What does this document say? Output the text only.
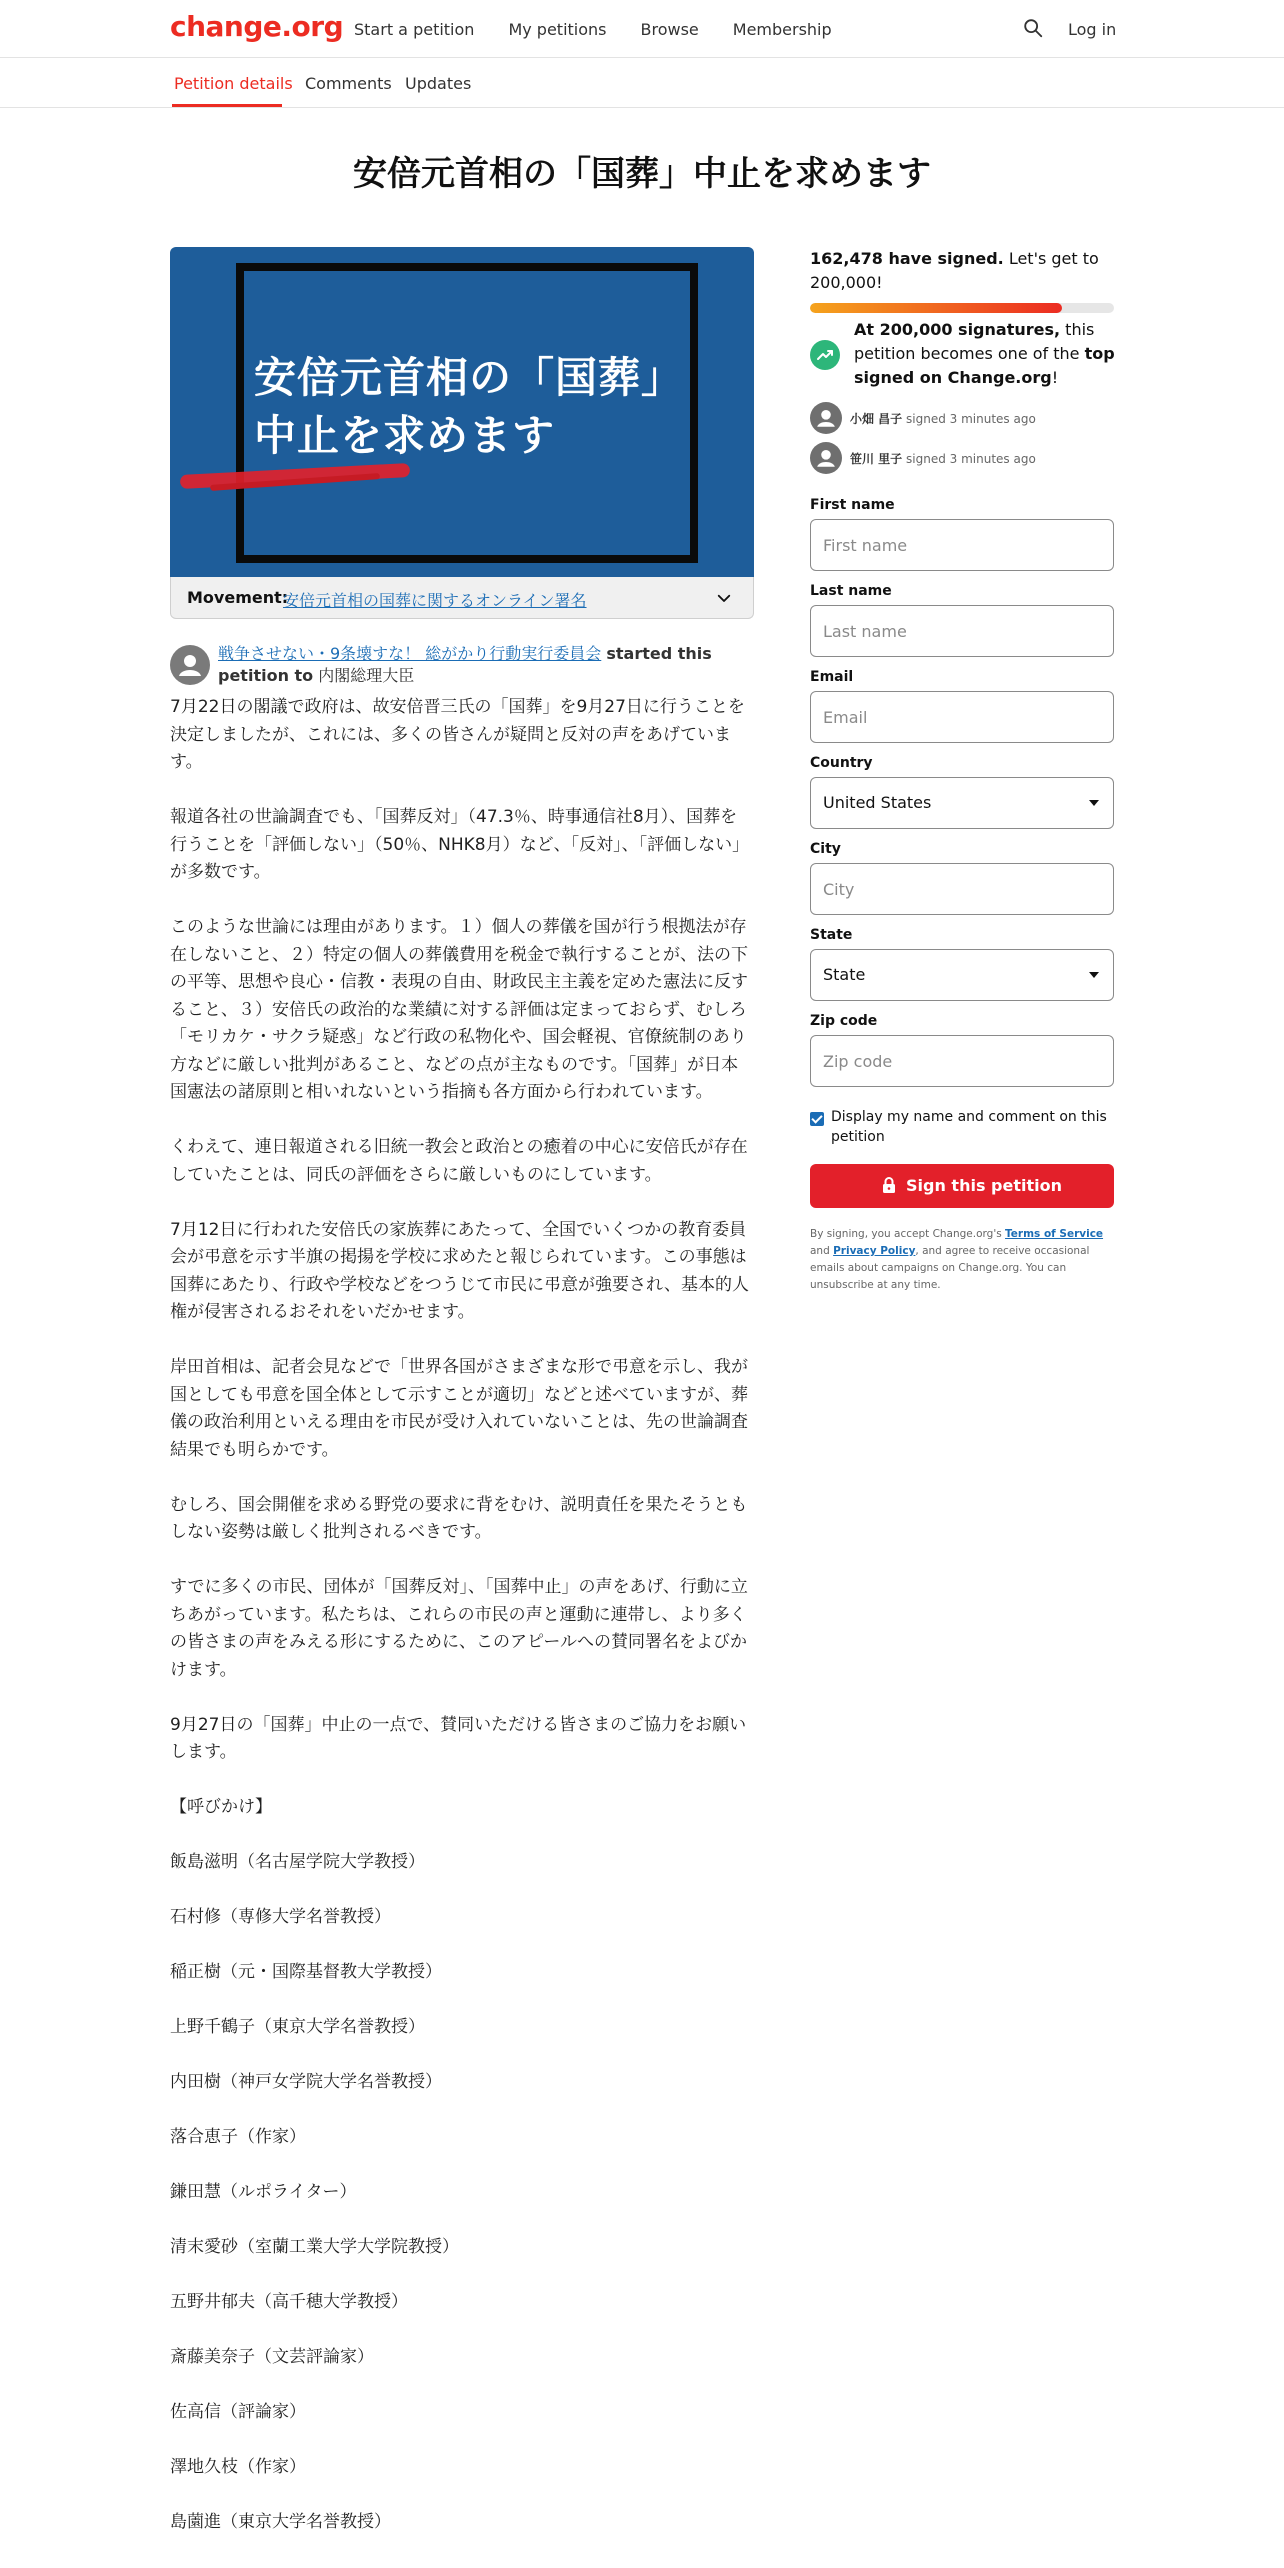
change.org Start a petition My petitions Browse Membership	Log in
Petition details Comments Updates
安倍元首相の「国葬」中止を求めます
安倍元首相の「国葬」
中止を求めます
Movement:
安倍元首相の国葬に関するオンライン署名
戦争させない・9条壊すな！ 総がかり行動実行委員会 started this petition to 内閣総理大臣

7月22日の閣議で政府は、故安倍晋三氏の「国葬」を9月27日に行うことを決定しましたが、これには、多くの皆さんが疑問と反対の声をあげています。

報道各社の世論調査でも、「国葬反対」（47.3％、時事通信社8月）、国葬を行うことを「評価しない」（50％、NHK8月）など、「反対」、「評価しない」が多数です。

このような世論には理由があります。１）個人の葬儀を国が行う根拠法が存在しないこと、２）特定の個人の葬儀費用を税金で執行することが、法の下の平等、思想や良心・信教・表現の自由、財政民主主義を定めた憲法に反すること、３）安倍氏の政治的な業績に対する評価は定まっておらず、むしろ「モリカケ・サクラ疑惑」など行政の私物化や、国会軽視、官僚統制のあり方などに厳しい批判があること、などの点が主なものです。「国葬」が日本国憲法の諸原則と相いれないという指摘も各方面から行われています。

くわえて、連日報道される旧統一教会と政治との癒着の中心に安倍氏が存在していたことは、同氏の評価をさらに厳しいものにしています。

7月12日に行われた安倍氏の家族葬にあたって、全国でいくつかの教育委員会が弔意を示す半旗の掲揚を学校に求めたと報じられています。この事態は国葬にあたり、行政や学校などをつうじて市民に弔意が強要され、基本的人権が侵害されるおそれをいだかせます。

岸田首相は、記者会見などで「世界各国がさまざまな形で弔意を示し、我が国としても弔意を国全体として示すことが適切」などと述べていますが、葬儀の政治利用といえる理由を市民が受け入れていないことは、先の世論調査結果でも明らかです。

むしろ、国会開催を求める野党の要求に背をむけ、説明責任を果たそうともしない姿勢は厳しく批判されるべきです。

すでに多くの市民、団体が「国葬反対」、「国葬中止」の声をあげ、行動に立ちあがっています。私たちは、これらの市民の声と運動に連帯し、より多くの皆さまの声をみえる形にするために、このアピールへの賛同署名をよびかけます。

9月27日の「国葬」中止の一点で、賛同いただける皆さまのご協力をお願いします。

【呼びかけ】

飯島滋明（名古屋学院大学教授）

石村修（専修大学名誉教授）

稲正樹（元・国際基督教大学教授）

上野千鶴子（東京大学名誉教授）

内田樹（神戸女学院大学名誉教授）

落合恵子（作家）

鎌田慧（ルポライター）

清末愛砂（室蘭工業大学大学院教授）

五野井郁夫（高千穂大学教授）

斎藤美奈子（文芸評論家）

佐高信（評論家）

澤地久枝（作家）

島薗進（東京大学名誉教授）

162,478 have signed. Let's get to 200,000!
At 200,000 signatures, this petition becomes one of the top signed on Change.org!
小畑 昌子 signed 3 minutes ago
笹川 里子 signed 3 minutes ago
First name
First name
Last name
Last name
Email
Email
Country
United States
City
City
State
State
Zip code
Zip code
Display my name and comment on this petition
Sign this petition
By signing, you accept Change.org's Terms of Service and Privacy Policy, and agree to receive occasional emails about campaigns on Change.org. You can unsubscribe at any time.
